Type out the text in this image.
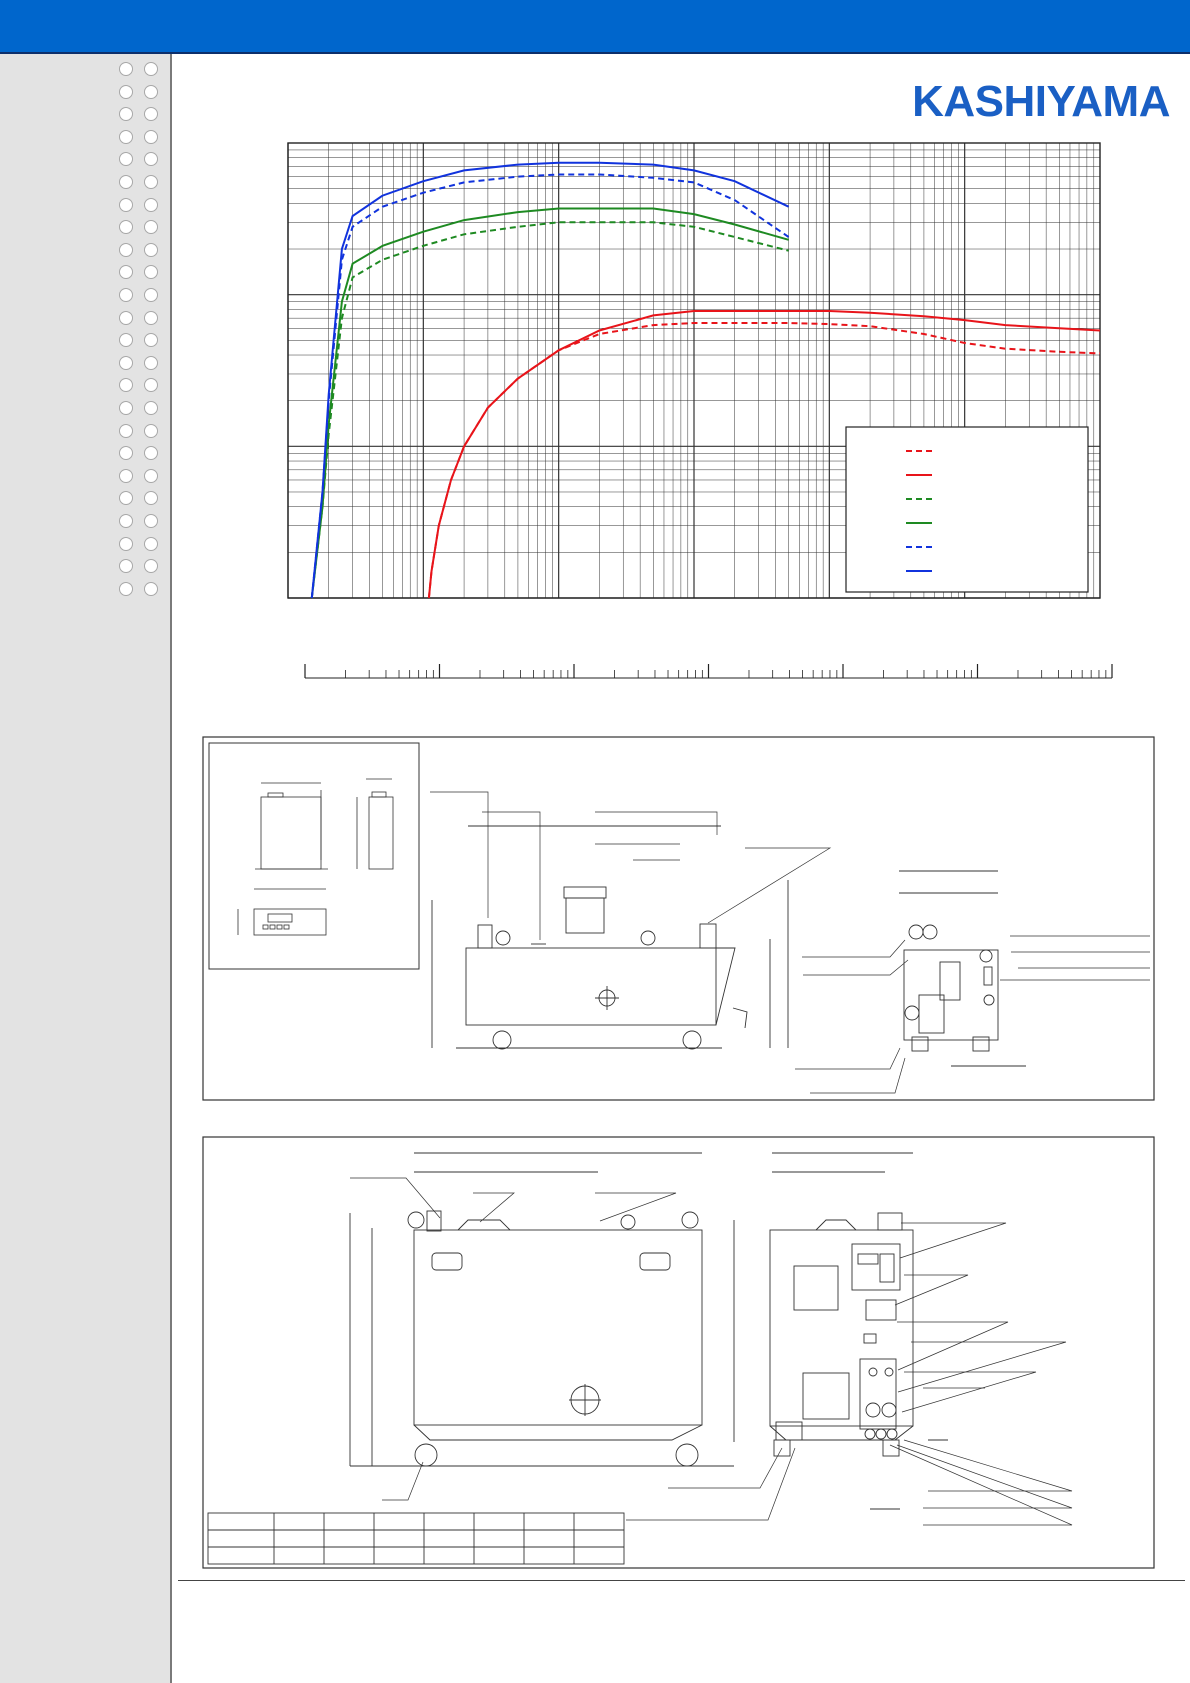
KASHIYAMA
